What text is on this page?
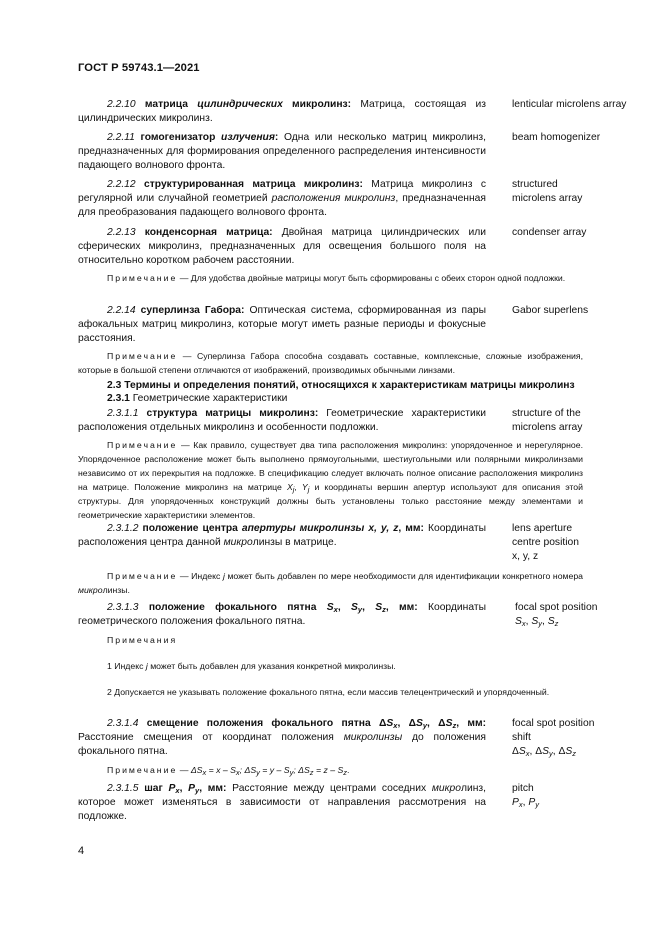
ГОСТ Р 59743.1—2021
2.2.10 матрица цилиндрических микролинз: Матрица, состоящая из цилиндрических микролинз.
lenticular microlens array
2.2.11 гомогенизатор излучения: Одна или несколько матриц микролинз, предназначенных для формирования определенного распределения интенсивности падающего волнового фронта.
beam homogenizer
2.2.12 структурированная матрица микролинз: Матрица микролинз с регулярной или случайной геометрией расположения микролинз, предназначенная для преобразования падающего волнового фронта.
structured
microlens array
2.2.13 конденсорная матрица: Двойная матрица цилиндрических или сферических микролинз, предназначенных для освещения большого поля на относительно коротком рабочем расстоянии.
condenser array
Примечание — Для удобства двойные матрицы могут быть сформированы с обеих сторон одной подложки.
2.2.14 суперлинза Габора: Оптическая система, сформированная из пары афокальных матриц микролинз, которые могут иметь разные периоды и фокусные расстояния.
Gabor superlens
Примечание — Суперлинза Габора способна создавать составные, комплексные, сложные изображения, которые в большой степени отличаются от изображений, производимых обычными линзами.
2.3 Термины и определения понятий, относящихся к характеристикам матрицы микролинз
2.3.1 Геометрические характеристики
2.3.1.1 структура матрицы микролинз: Геометрические характеристики расположения отдельных микролинз и особенности подложки.
structure of the
microlens array
Примечание — Как правило, существует два типа расположения микролинз: упорядоченное и нерегулярное. Упорядоченное расположение может быть выполнено прямоугольными, шестиугольными или полярными микролинзами независимо от их перекрытия на подложке. В спецификацию следует включать полное описание расположения микролинз на матрице. Положение микролинз на матрице $X_j$, $Y_j$ и координаты вершин апертур используют для описания этой структуры. Для упорядоченных конструкций должны быть установлены только расстояние между элементами и геометрические характеристики элементов.
2.3.1.2 положение центра апертуры микролинзы x, y, z, мм: Координаты расположения центра данной микролинзы в матрице.
lens aperture
centre position
x, y, z
Примечание — Индекс j может быть добавлен по мере необходимости для идентификации конкретного номера микролинзы.
2.3.1.3 положение фокального пятна $S_x$, $S_y$, $S_z$, мм: Координаты геометрического положения фокального пятна.
focal spot position
$S_x$, $S_y$, $S_z$
Примечания
1 Индекс j может быть добавлен для указания конкретной микролинзы.
2 Допускается не указывать положение фокального пятна, если массив телецентрический и упорядоченный.
2.3.1.4 смещение положения фокального пятна $\Delta S_x$, $\Delta S_y$, $\Delta S_z$, мм: Расстояние смещения от координат положения микролинзы до положения фокального пятна.
focal spot position
shift
$\Delta S_x$, $\Delta S_y$, $\Delta S_z$
Примечание — $\Delta S_x = x - S_x$; $\Delta S_y = y - S_y$; $\Delta S_z = z - S_z$.
2.3.1.5 шаг $P_x$, $P_y$, мм: Расстояние между центрами соседних микролинз, которое может изменяться в зависимости от направления рассмотрения на подложке.
pitch
$P_x$, $P_y$
4
